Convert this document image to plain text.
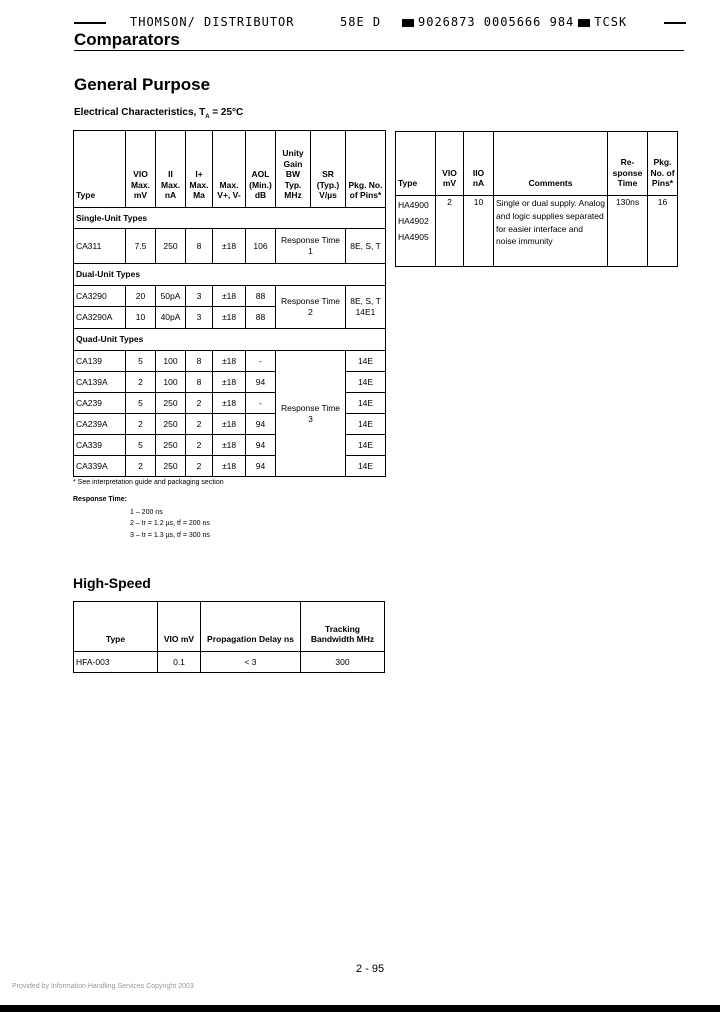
THOMSON/ DISTRIBUTOR	58E D	9026873 0005666 984 TCSK
Comparators
General Purpose
Electrical Characteristics, $T_A = 25^\circ C$
Type	VIO Max. mV	II Max. nA	I+ Max. Ma	Max. V+, V-	AOL (Min.) dB	Unity Gain BW Typ. MHz	SR (Typ.) V/µs	Pkg. No. of Pins*
Single-Unit Types								
CA311	7.5	250	8	±18	106	Response Time 1		8E, S, T
Dual-Unit Types								
CA3290	20	50pA	3	±18	88	Response Time 2		8E, S, T 14E1
CA3290A	10	40pA	3	±18	88			
Quad-Unit Types								
CA139	5	100	8	±18	-	Response Time 3		14E
CA139A	2	100	8	±18	94			14E
CA239	5	250	2	±18	-			14E
CA239A	2	250	2	±18	94			14E
CA339	5	250	2	±18	94			14E
CA339A	2	250	2	±18	94			14E
* See interpretation guide and packaging section
Response Time:
1 – 200 ns
2 – tr = 1.2 µs, tf = 200 ns
3 – tr = 1.3 µs, tf = 300 ns
Type	VIO mV	IIO nA	Comments	Re-sponse Time	Pkg. No. of Pins*

HA4900
HA4902
HA4905	2	10	Single or dual supply. Analog and logic supplies separated for easier interface and noise immunity	130ns	16
High-Speed
Type	VIO mV	Propagation Delay ns	Tracking Bandwidth MHz
HFA-003	0.1	< 3	300
2 - 95
Provided by Information Handling Services Copyright 2003
